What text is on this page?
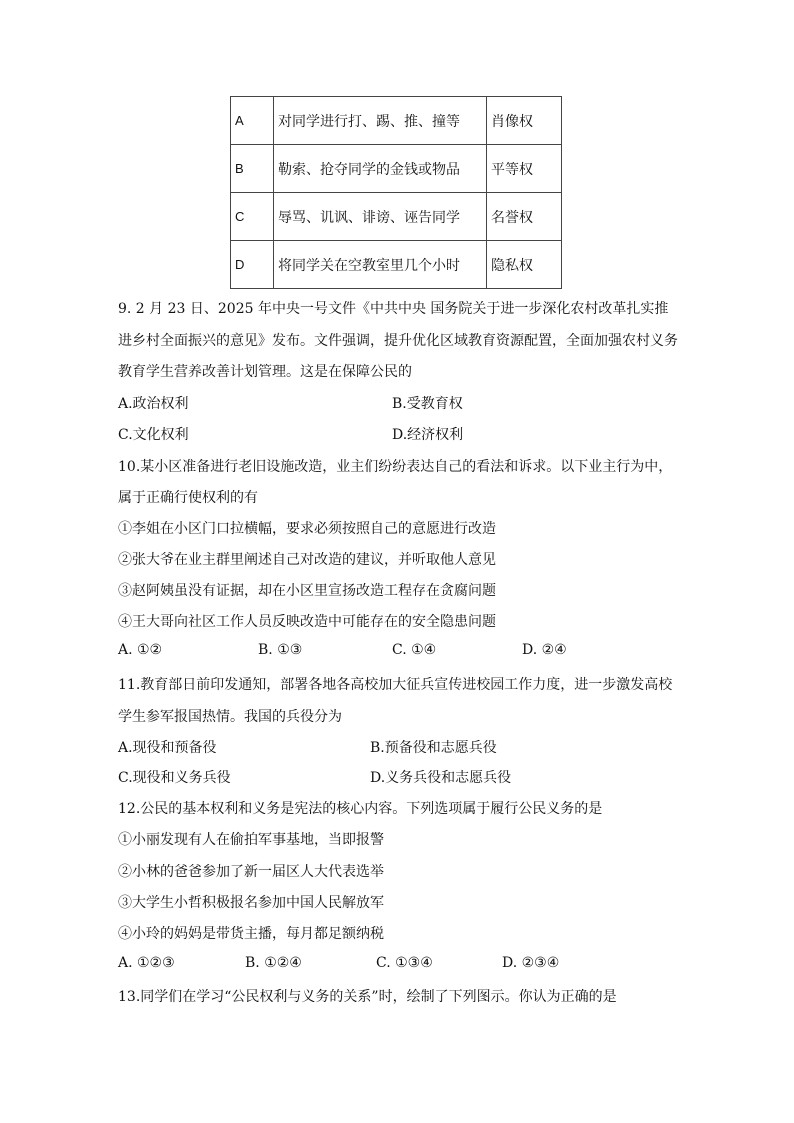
A	对同学进行打、踢、推、撞等	肖像权
B	勒索、抢夺同学的金钱或物品	平等权
C	辱骂、讥讽、诽谤、诬告同学	名誉权
D	将同学关在空教室里几个小时	隐私权
9. 2 月 23 日、2025 年中央一号文件《中共中央 国务院关于进一步深化农村改革扎实推
进乡村全面振兴的意见》发布。文件强调，提升优化区域教育资源配置，全面加强农村义务
教育学生营养改善计划管理。这是在保障公民的
A.政治权利	B.受教育权
C.文化权利	D.经济权利
10.某小区准备进行老旧设施改造，业主们纷纷表达自己的看法和诉求。以下业主行为中，
属于正确行使权利的有
①李姐在小区门口拉横幅，要求必须按照自己的意愿进行改造
②张大爷在业主群里阐述自己对改造的建议，并听取他人意见
③赵阿姨虽没有证据，却在小区里宣扬改造工程存在贪腐问题
④王大哥向社区工作人员反映改造中可能存在的安全隐患问题
A. ①②	B. ①③	C. ①④	D. ②④
11.教育部日前印发通知，部署各地各高校加大征兵宣传进校园工作力度，进一步激发高校
学生参军报国热情。我国的兵役分为
A.现役和预备役	B.预备役和志愿兵役
C.现役和义务兵役	D.义务兵役和志愿兵役
12.公民的基本权利和义务是宪法的核心内容。下列选项属于履行公民义务的是
①小丽发现有人在偷拍军事基地，当即报警
②小林的爸爸参加了新一届区人大代表选举
③大学生小哲积极报名参加中国人民解放军
④小玲的妈妈是带货主播，每月都足额纳税
A. ①②③	B. ①②④	C. ①③④	D. ②③④
13.同学们在学习“公民权利与义务的关系”时，绘制了下列图示。你认为正确的是
